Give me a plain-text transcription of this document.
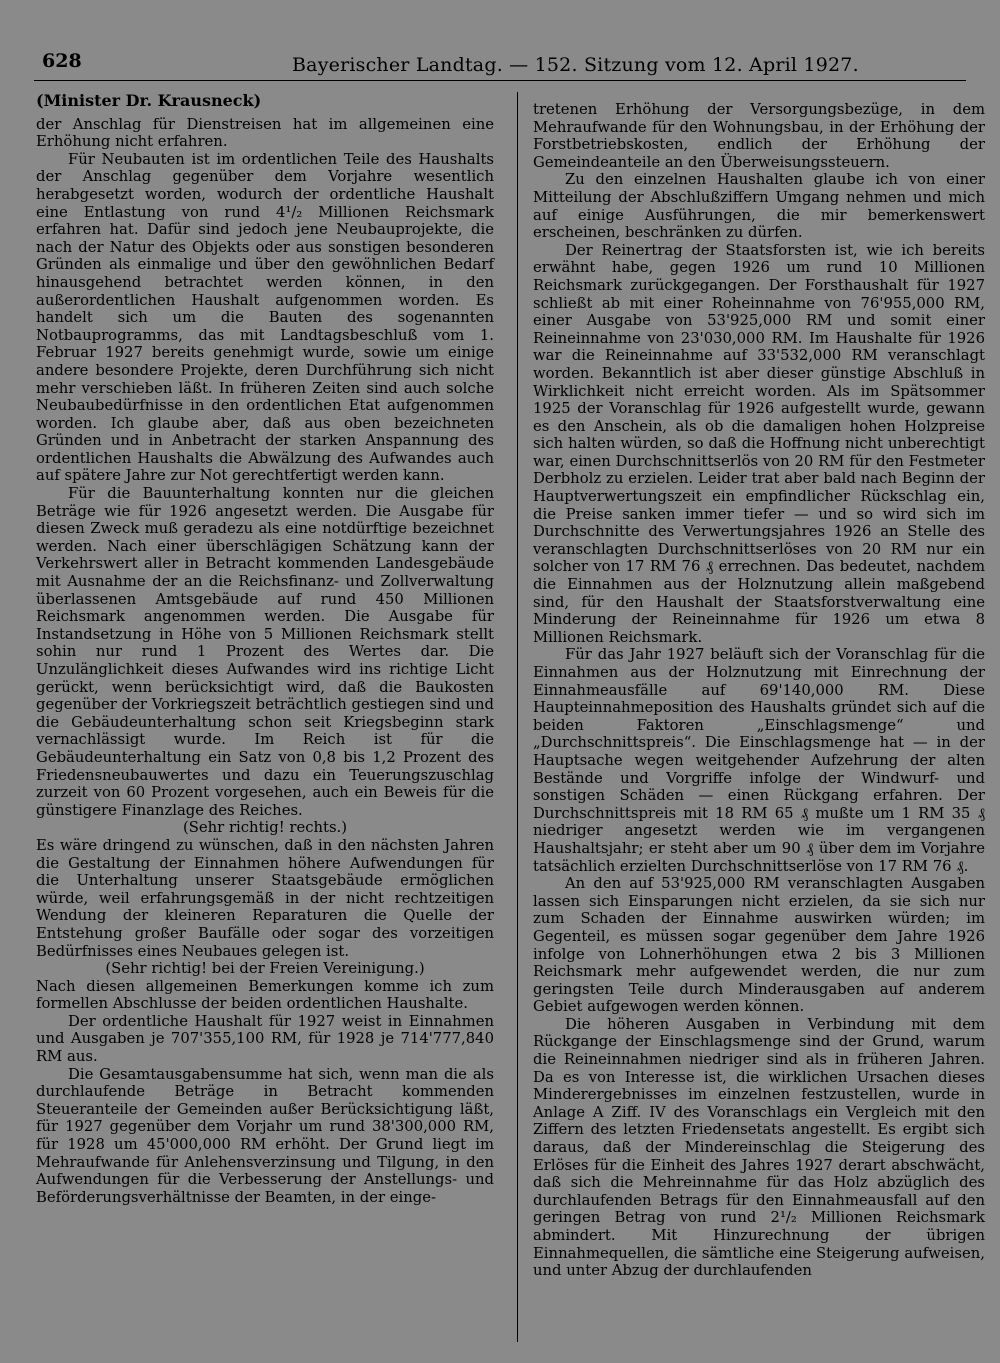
628	Bayerischer Landtag. — 152. Sitzung vom 12. April 1927.

(Minister Dr. Krausneck)

der Anschlag für Dienstreisen hat im allgemeinen eine Erhöhung nicht erfahren.

Für Neubauten ist im ordentlichen Teile des Haushalts der Anschlag gegenüber dem Vorjahre wesentlich herabgesetzt worden, wodurch der ordentliche Haushalt eine Entlastung von rund 4¹/₂ Millionen Reichsmark erfahren hat. Dafür sind jedoch jene Neubauprojekte, die nach der Natur des Objekts oder aus sonstigen besonderen Gründen als einmalige und über den gewöhnlichen Bedarf hinausgehend betrachtet werden können, in den außerordentlichen Haushalt aufgenommen worden. Es handelt sich um die Bauten des sogenannten Notbauprogramms, das mit Landtagsbeschluß vom 1. Februar 1927 bereits genehmigt wurde, sowie um einige andere besondere Projekte, deren Durchführung sich nicht mehr verschieben läßt. In früheren Zeiten sind auch solche Neubaubedürfnisse in den ordentlichen Etat aufgenommen worden. Ich glaube aber, daß aus oben bezeichneten Gründen und in Anbetracht der starken Anspannung des ordentlichen Haushalts die Abwälzung des Aufwandes auch auf spätere Jahre zur Not gerechtfertigt werden kann.

Für die Bauunterhaltung konnten nur die gleichen Beträge wie für 1926 angesetzt werden. Die Ausgabe für diesen Zweck muß geradezu als eine notdürftige bezeichnet werden. Nach einer überschlägigen Schätzung kann der Verkehrswert aller in Betracht kommenden Landesgebäude mit Ausnahme der an die Reichsfinanz- und Zollverwaltung überlassenen Amtsgebäude auf rund 450 Millionen Reichsmark angenommen werden. Die Ausgabe für Instandsetzung in Höhe von 5 Millionen Reichsmark stellt sohin nur rund 1 Prozent des Wertes dar. Die Unzulänglichkeit dieses Aufwandes wird ins richtige Licht gerückt, wenn berücksichtigt wird, daß die Baukosten gegenüber der Vorkriegszeit beträchtlich gestiegen sind und die Gebäudeunterhaltung schon seit Kriegsbeginn stark vernachlässigt wurde. Im Reich ist für die Gebäudeunterhaltung ein Satz von 0,8 bis 1,2 Prozent des Friedensneubauwertes und dazu ein Teuerungszuschlag zurzeit von 60 Prozent vorgesehen, auch ein Beweis für die günstigere Finanzlage des Reiches.

(Sehr richtig! rechts.)

Es wäre dringend zu wünschen, daß in den nächsten Jahren die Gestaltung der Einnahmen höhere Aufwendungen für die Unterhaltung unserer Staatsgebäude ermöglichen würde, weil erfahrungsgemäß in der nicht rechtzeitigen Wendung der kleineren Reparaturen die Quelle der Entstehung großer Baufälle oder sogar des vorzeitigen Bedürfnisses eines Neubaues gelegen ist.

(Sehr richtig! bei der Freien Vereinigung.)

Nach diesen allgemeinen Bemerkungen komme ich zum formellen Abschlusse der beiden ordentlichen Haushalte.

Der ordentliche Haushalt für 1927 weist in Einnahmen und Ausgaben je 707'355,100 RM, für 1928 je 714'777,840 RM aus.

Die Gesamtausgabensumme hat sich, wenn man die als durchlaufende Beträge in Betracht kommenden Steueranteile der Gemeinden außer Berücksichtigung läßt, für 1927 gegenüber dem Vorjahr um rund 38'300,000 RM, für 1928 um 45'000,000 RM erhöht. Der Grund liegt im Mehraufwande für Anlehensverzinsung und Tilgung, in den Aufwendungen für die Verbesserung der Anstellungs- und Beförderungsverhältnisse der Beamten, in der einge-

tretenen Erhöhung der Versorgungsbezüge, in dem Mehraufwande für den Wohnungsbau, in der Erhöhung der Forstbetriebskosten, endlich der Erhöhung der Gemeindeanteile an den Überweisungssteuern.

Zu den einzelnen Haushalten glaube ich von einer Mitteilung der Abschlußziffern Umgang nehmen und mich auf einige Ausführungen, die mir bemerkenswert erscheinen, beschränken zu dürfen.

Der Reinertrag der Staatsforsten ist, wie ich bereits erwähnt habe, gegen 1926 um rund 10 Millionen Reichsmark zurückgegangen. Der Forsthaushalt für 1927 schließt ab mit einer Roheinnahme von 76'955,000 RM, einer Ausgabe von 53'925,000 RM und somit einer Reineinnahme von 23'030,000 RM. Im Haushalte für 1926 war die Reineinnahme auf 33'532,000 RM veranschlagt worden. Bekanntlich ist aber dieser günstige Abschluß in Wirklichkeit nicht erreicht worden. Als im Spätsommer 1925 der Voranschlag für 1926 aufgestellt wurde, gewann es den Anschein, als ob die damaligen hohen Holzpreise sich halten würden, so daß die Hoffnung nicht unberechtigt war, einen Durchschnittserlös von 20 RM für den Festmeter Derbholz zu erzielen. Leider trat aber bald nach Beginn der Hauptverwertungszeit ein empfindlicher Rückschlag ein, die Preise sanken immer tiefer — und so wird sich im Durchschnitte des Verwertungsjahres 1926 an Stelle des veranschlagten Durchschnittserlöses von 20 RM nur ein solcher von 17 RM 76 ₰ errechnen. Das bedeutet, nachdem die Einnahmen aus der Holznutzung allein maßgebend sind, für den Haushalt der Staatsforstverwaltung eine Minderung der Reineinnahme für 1926 um etwa 8 Millionen Reichsmark.

Für das Jahr 1927 beläuft sich der Voranschlag für die Einnahmen aus der Holznutzung mit Einrechnung der Einnahmeausfälle auf 69'140,000 RM. Diese Haupteinnahmeposition des Haushalts gründet sich auf die beiden Faktoren „Einschlagsmenge“ und „Durchschnittspreis“. Die Einschlagsmenge hat — in der Hauptsache wegen weitgehender Aufzehrung der alten Bestände und Vorgriffe infolge der Windwurf- und sonstigen Schäden — einen Rückgang erfahren. Der Durchschnittspreis mit 18 RM 65 ₰ mußte um 1 RM 35 ₰ niedriger angesetzt werden wie im vergangenen Haushaltsjahr; er steht aber um 90 ₰ über dem im Vorjahre tatsächlich erzielten Durchschnittserlöse von 17 RM 76 ₰.

An den auf 53'925,000 RM veranschlagten Ausgaben lassen sich Einsparungen nicht erzielen, da sie sich nur zum Schaden der Einnahme auswirken würden; im Gegenteil, es müssen sogar gegenüber dem Jahre 1926 infolge von Lohnerhöhungen etwa 2 bis 3 Millionen Reichsmark mehr aufgewendet werden, die nur zum geringsten Teile durch Minderausgaben auf anderem Gebiet aufgewogen werden können.

Die höheren Ausgaben in Verbindung mit dem Rückgange der Einschlagsmenge sind der Grund, warum die Reineinnahmen niedriger sind als in früheren Jahren. Da es von Interesse ist, die wirklichen Ursachen dieses Minderergebnisses im einzelnen festzustellen, wurde in Anlage A Ziff. IV des Voranschlags ein Vergleich mit den Ziffern des letzten Friedensetats angestellt. Es ergibt sich daraus, daß der Mindereinschlag die Steigerung des Erlöses für die Einheit des Jahres 1927 derart abschwächt, daß sich die Mehreinnahme für das Holz abzüglich des durchlaufenden Betrags für den Einnahmeausfall auf den geringen Betrag von rund 2¹/₂ Millionen Reichsmark abmindert. Mit Hinzurechnung der übrigen Einnahmequellen, die sämtliche eine Steigerung aufweisen, und unter Abzug der durchlaufenden
